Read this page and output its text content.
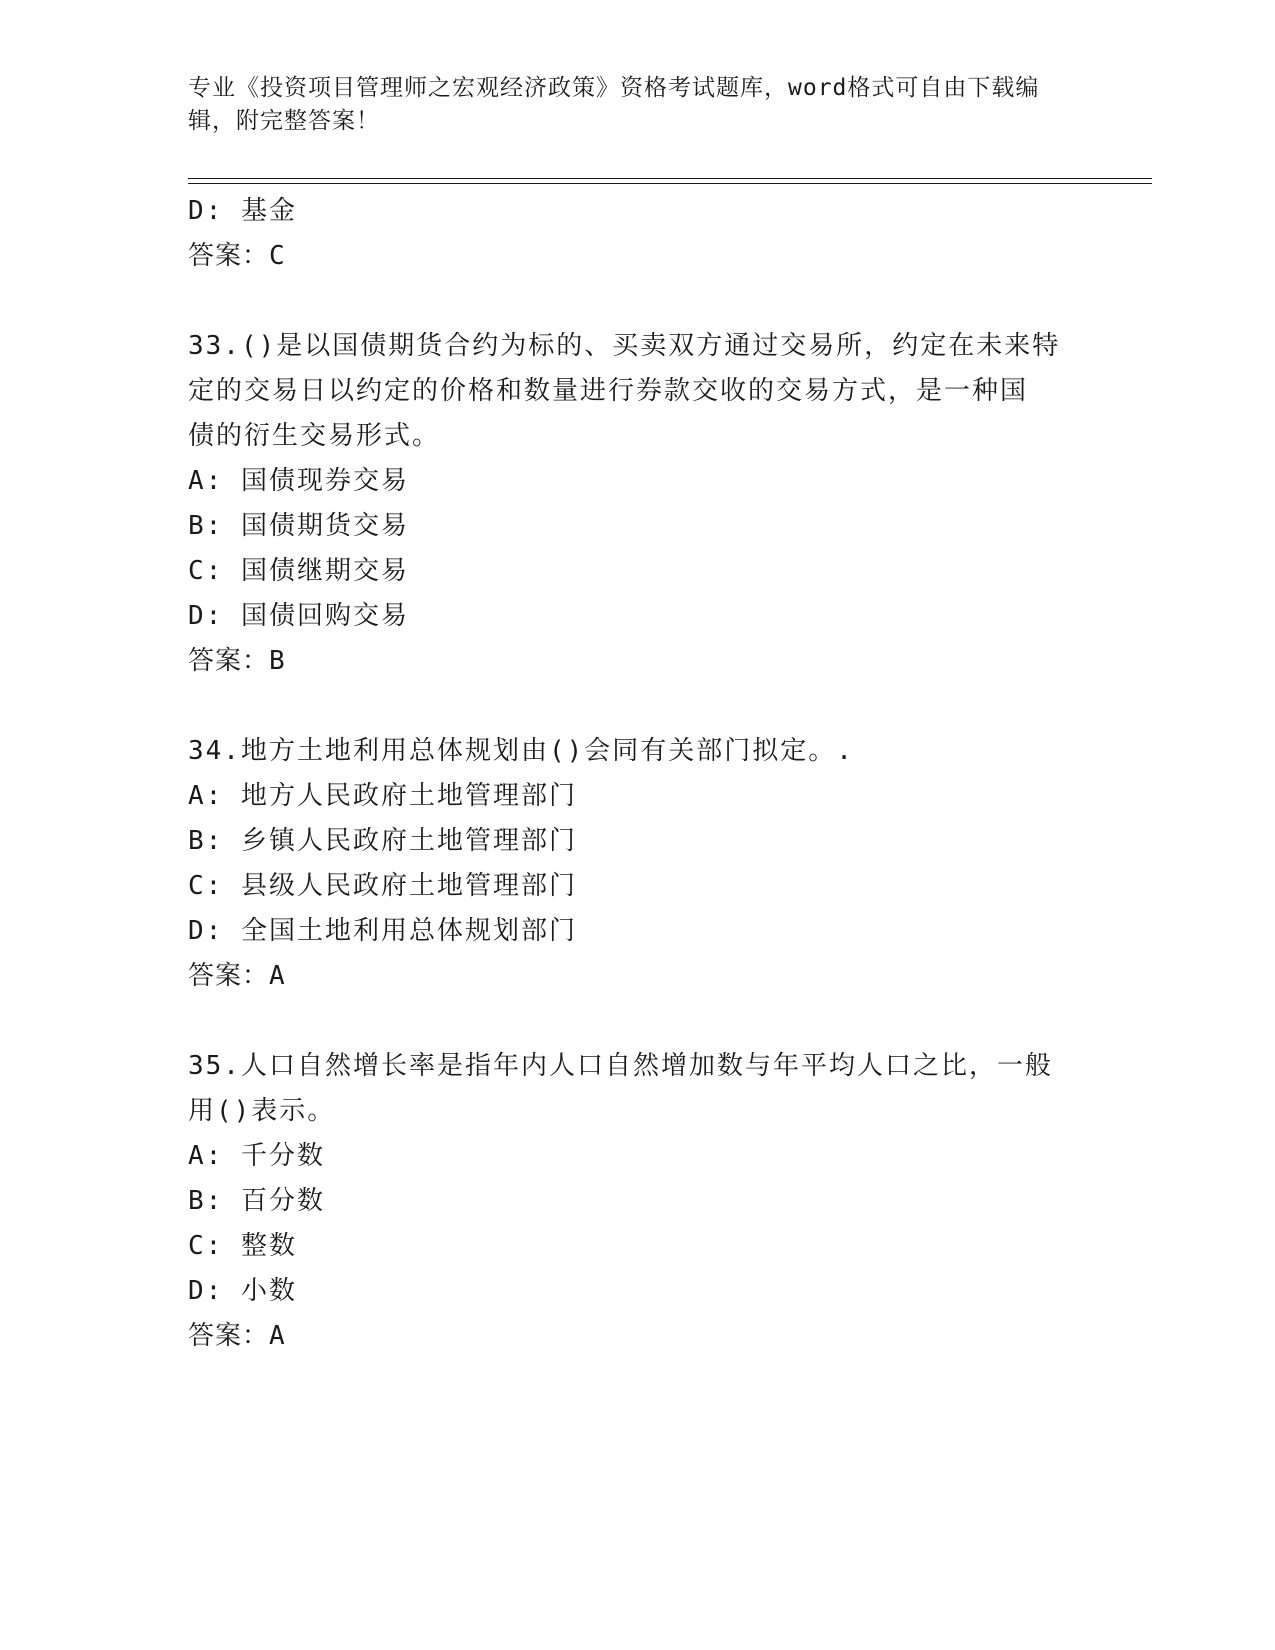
专业《投资项目管理师之宏观经济政策》资格考试题库，word格式可自由下载编辑，附完整答案！

D: 基金

答案：C

33.()是以国债期货合约为标的、买卖双方通过交易所，约定在未来特

定的交易日以约定的价格和数量进行券款交收的交易方式，是一种国

债的衍生交易形式。

A: 国债现券交易

B: 国债期货交易

C: 国债继期交易

D: 国债回购交易

答案：B

34.地方土地利用总体规划由()会同有关部门拟定。.

A: 地方人民政府土地管理部门

B: 乡镇人民政府土地管理部门

C: 县级人民政府土地管理部门

D: 全国土地利用总体规划部门

答案：A

35.人口自然增长率是指年内人口自然增加数与年平均人口之比，一般

用()表示。

A: 千分数

B: 百分数

C: 整数

D: 小数

答案：A
